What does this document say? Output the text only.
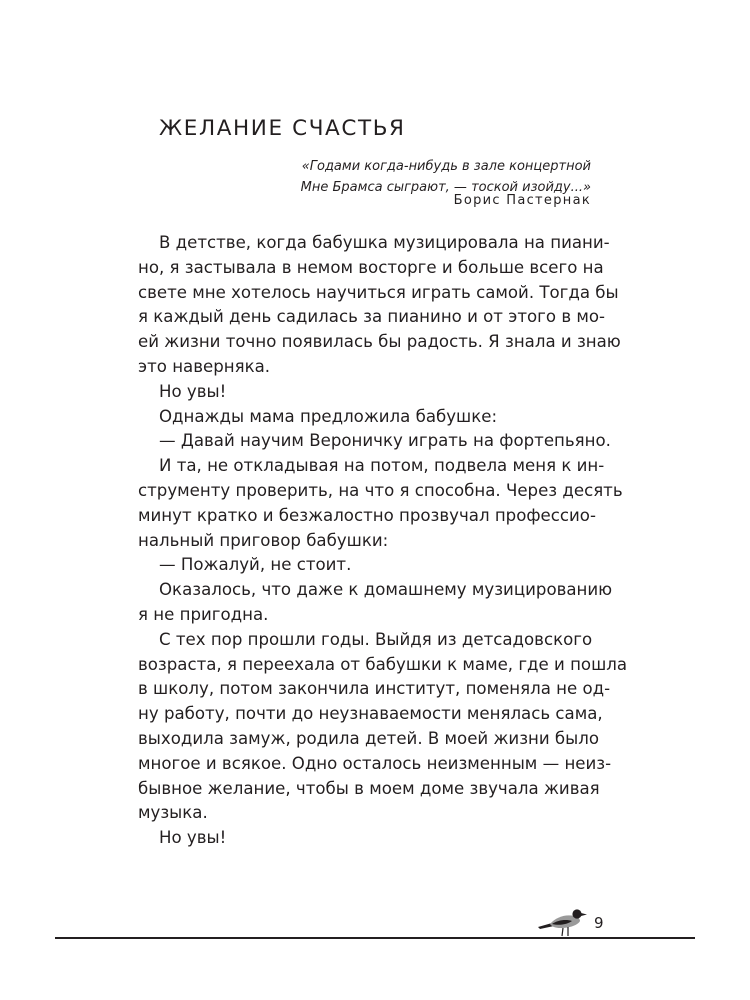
ЖЕЛАНИЕ СЧАСТЬЯ
«Годами когда-нибудь в зале концертной
Мне Брамса сыграют, — тоской изойду...»
Борис Пастернак
В детстве, когда бабушка музицировала на пиани-
но, я застывала в немом восторге и больше всего на
свете мне хотелось научиться играть самой. Тогда бы
я каждый день садилась за пианино и от этого в мо-
ей жизни точно появилась бы радость. Я знала и знаю
это наверняка.
Но увы!
Однажды мама предложила бабушке:
— Давай научим Вероничку играть на фортепьяно.
И та, не откладывая на потом, подвела меня к ин-
струменту проверить, на что я способна. Через десять
минут кратко и безжалостно прозвучал профессио-
нальный приговор бабушки:
— Пожалуй, не стоит.
Оказалось, что даже к домашнему музицированию
я не пригодна.
С тех пор прошли годы. Выйдя из детсадовского
возраста, я переехала от бабушки к маме, где и пошла
в школу, потом закончила институт, поменяла не од-
ну работу, почти до неузнаваемости менялась сама,
выходила замуж, родила детей. В моей жизни было
многое и всякое. Одно осталось неизменным — неиз-
бывное желание, чтобы в моем доме звучала живая
музыка.
Но увы!
9
